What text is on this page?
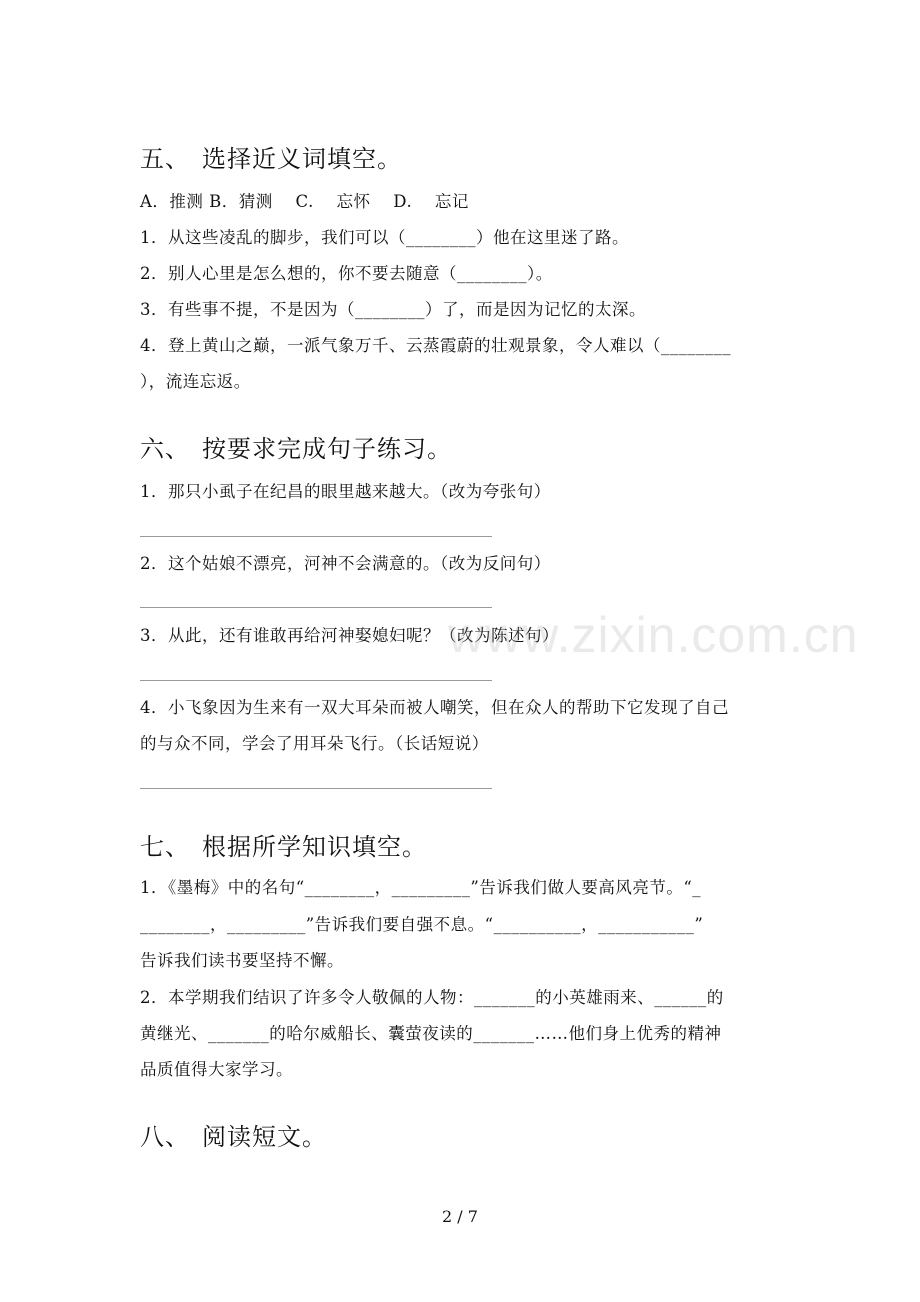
五、 选择近义词填空。
A．推测 B．猜测　 C.　 忘怀　 D.　 忘记
1．从这些凌乱的脚步，我们可以（________）他在这里迷了路。
2．别人心里是怎么想的，你不要去随意（________）。
3．有些事不提，不是因为（________）了，而是因为记忆的太深。
4．登上黄山之巅，一派气象万千、云蒸霞蔚的壮观景象，令人难以（________
），流连忘返。
六、 按要求完成句子练习。
1．那只小虱子在纪昌的眼里越来越大。（改为夸张句）
2．这个姑娘不漂亮，河神不会满意的。（改为反问句）
3．从此，还有谁敢再给河神娶媳妇呢？（改为陈述句）
4．小飞象因为生来有一双大耳朵而被人嘲笑，但在众人的帮助下它发现了自己
的与众不同，学会了用耳朵飞行。（长话短说）
七、 根据所学知识填空。
1．《墨梅》中的名句“________，_________”告诉我们做人要高风亮节。“_
________，_________”告诉我们要自强不息。“__________，___________”
告诉我们读书要坚持不懈。
2．本学期我们结识了许多令人敬佩的人物：_______的小英雄雨来、______的
黄继光、_______的哈尔威船长、囊萤夜读的_______……他们身上优秀的精神
品质值得大家学习。
八、 阅读短文。
www.zixin.com.cn
2 / 7
